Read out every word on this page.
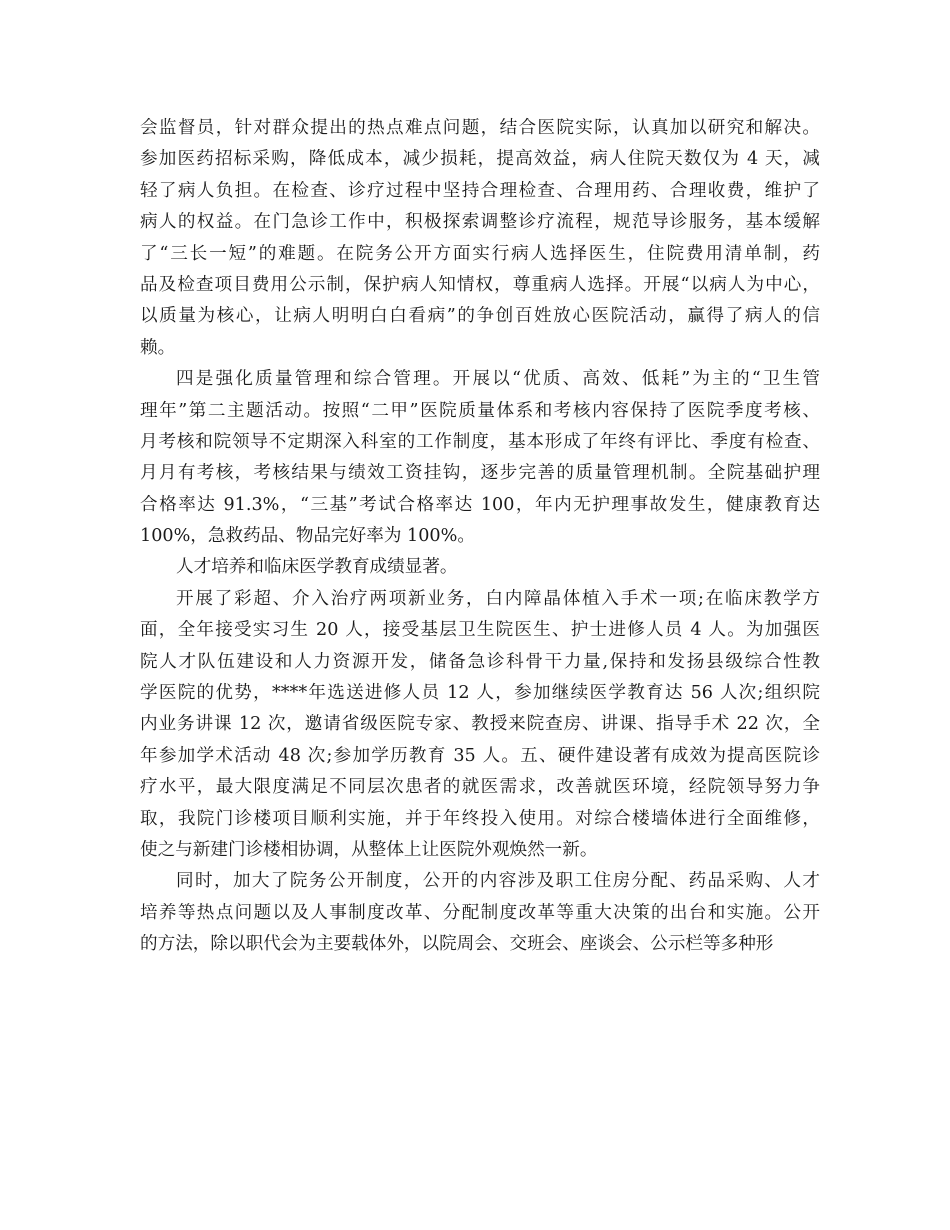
会监督员，针对群众提出的热点难点问题，结合医院实际，认真加以研究和解决。
参加医药招标采购，降低成本，减少损耗，提高效益，病人住院天数仅为 4 天，减
轻了病人负担。在检查、诊疗过程中坚持合理检查、合理用药、合理收费，维护了
病人的权益。在门急诊工作中，积极探索调整诊疗流程，规范导诊服务，基本缓解
了“三长一短”的难题。在院务公开方面实行病人选择医生，住院费用清单制，药
品及检查项目费用公示制，保护病人知情权，尊重病人选择。开展“以病人为中心，
以质量为核心，让病人明明白白看病”的争创百姓放心医院活动，赢得了病人的信
赖。
四是强化质量管理和综合管理。开展以“优质、高效、低耗”为主的“卫生管
理年”第二主题活动。按照“二甲”医院质量体系和考核内容保持了医院季度考核、
月考核和院领导不定期深入科室的工作制度，基本形成了年终有评比、季度有检查、
月月有考核，考核结果与绩效工资挂钩，逐步完善的质量管理机制。全院基础护理
合格率达 91.3%，“三基”考试合格率达 100，年内无护理事故发生，健康教育达
100%，急救药品、物品完好率为 100%。
人才培养和临床医学教育成绩显著。
开展了彩超、介入治疗两项新业务，白内障晶体植入手术一项;在临床教学方
面，全年接受实习生 20 人，接受基层卫生院医生、护士进修人员 4 人。为加强医
院人才队伍建设和人力资源开发，储备急诊科骨干力量,保持和发扬县级综合性教
学医院的优势，****年选送进修人员 12 人，参加继续医学教育达 56 人次;组织院
内业务讲课 12 次，邀请省级医院专家、教授来院查房、讲课、指导手术 22 次，全
年参加学术活动 48 次;参加学历教育 35 人。五、硬件建设著有成效为提高医院诊
疗水平，最大限度满足不同层次患者的就医需求，改善就医环境，经院领导努力争
取，我院门诊楼项目顺利实施，并于年终投入使用。对综合楼墙体进行全面维修，
使之与新建门诊楼相协调，从整体上让医院外观焕然一新。
同时，加大了院务公开制度，公开的内容涉及职工住房分配、药品采购、人才
培养等热点问题以及人事制度改革、分配制度改革等重大决策的出台和实施。公开
的方法，除以职代会为主要载体外，以院周会、交班会、座谈会、公示栏等多种形
